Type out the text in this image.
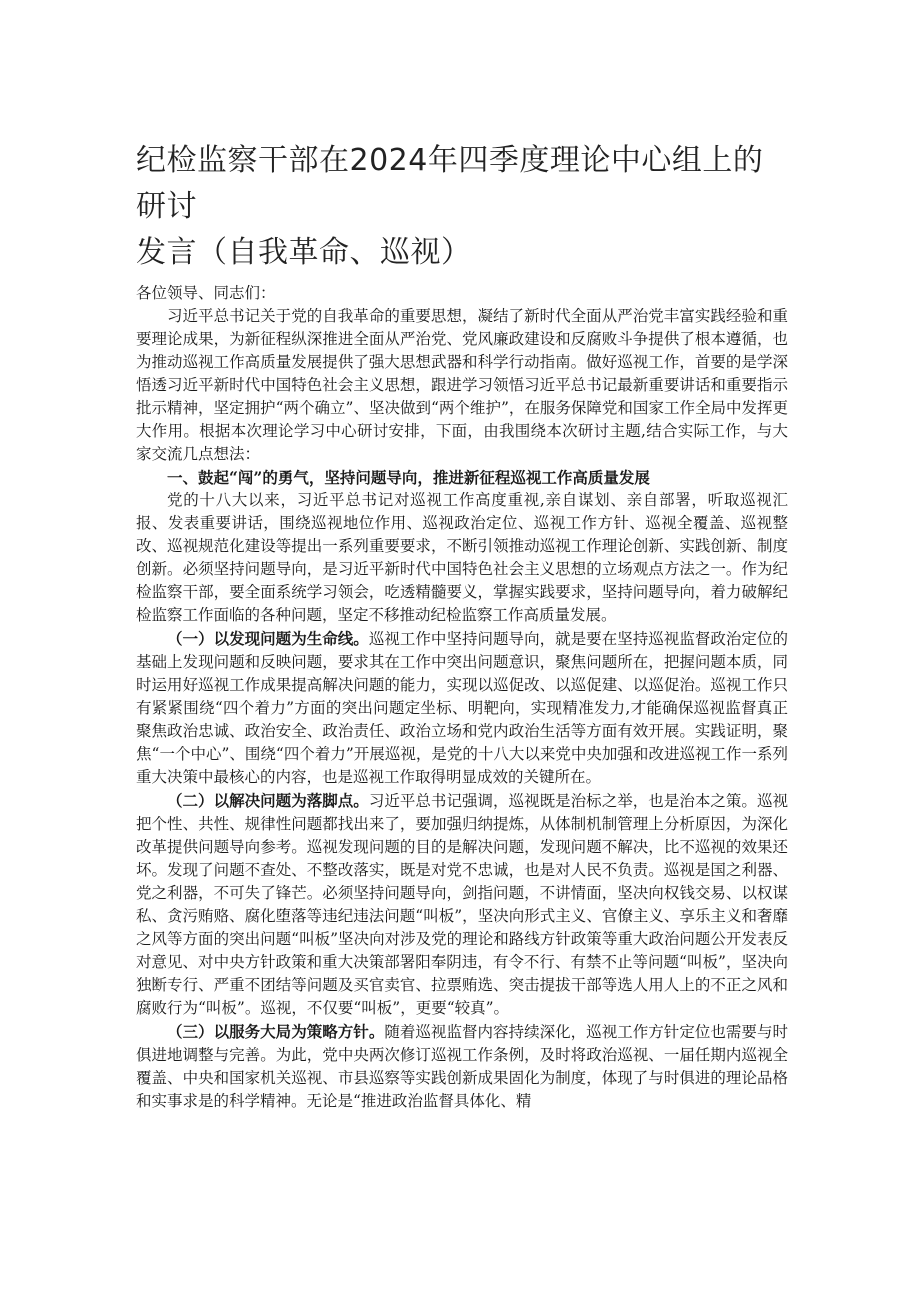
纪检监察干部在2024年四季度理论中心组上的研讨
发言（自我革命、巡视）

各位领导、同志们：

习近平总书记关于党的自我革命的重要思想，凝结了新时代全面从严治党丰富实践经验和重要理论成果，为新征程纵深推进全面从严治党、党风廉政建设和反腐败斗争提供了根本遵循，也为推动巡视工作高质量发展提供了强大思想武器和科学行动指南。做好巡视工作，首要的是学深悟透习近平新时代中国特色社会主义思想，跟进学习领悟习近平总书记最新重要讲话和重要指示批示精神，坚定拥护“两个确立”、坚决做到“两个维护”，在服务保障党和国家工作全局中发挥更大作用。根据本次理论学习中心研讨安排，下面，由我围绕本次研讨主题,结合实际工作，与大家交流几点想法：

一、鼓起“闯”的勇气，坚持问题导向，推进新征程巡视工作高质量发展

党的十八大以来，习近平总书记对巡视工作高度重视,亲自谋划、亲自部署，听取巡视汇报、发表重要讲话，围绕巡视地位作用、巡视政治定位、巡视工作方针、巡视全覆盖、巡视整改、巡视规范化建设等提出一系列重要要求，不断引领推动巡视工作理论创新、实践创新、制度创新。必须坚持问题导向，是习近平新时代中国特色社会主义思想的立场观点方法之一。作为纪检监察干部，要全面系统学习领会，吃透精髓要义，掌握实践要求，坚持问题导向，着力破解纪检监察工作面临的各种问题，坚定不移推动纪检监察工作高质量发展。

（一）以发现问题为生命线。巡视工作中坚持问题导向，就是要在坚持巡视监督政治定位的基础上发现问题和反映问题，要求其在工作中突出问题意识，聚焦问题所在，把握问题本质，同时运用好巡视工作成果提高解决问题的能力，实现以巡促改、以巡促建、以巡促治。巡视工作只有紧紧围绕“四个着力”方面的突出问题定坐标、明靶向，实现精准发力,才能确保巡视监督真正聚焦政治忠诚、政治安全、政治责任、政治立场和党内政治生活等方面有效开展。实践证明，聚焦“一个中心”、围绕“四个着力”开展巡视，是党的十八大以来党中央加强和改进巡视工作一系列重大决策中最核心的内容，也是巡视工作取得明显成效的关键所在。

（二）以解决问题为落脚点。习近平总书记强调，巡视既是治标之举，也是治本之策。巡视把个性、共性、规律性问题都找出来了，要加强归纳提炼，从体制机制管理上分析原因，为深化改革提供问题导向参考。巡视发现问题的目的是解决问题，发现问题不解决，比不巡视的效果还坏。发现了问题不查处、不整改落实，既是对党不忠诚，也是对人民不负责。巡视是国之利器、党之利器，不可失了锋芒。必须坚持问题导向，剑指问题，不讲情面，坚决向权钱交易、以权谋私、贪污贿赂、腐化堕落等违纪违法问题“叫板”，坚决向形式主义、官僚主义、享乐主义和奢靡之风等方面的突出问题“叫板”坚决向对涉及党的理论和路线方针政策等重大政治问题公开发表反对意见、对中央方针政策和重大决策部署阳奉阴违，有令不行、有禁不止等问题“叫板”，坚决向独断专行、严重不团结等问题及买官卖官、拉票贿选、突击提拔干部等选人用人上的不正之风和腐败行为“叫板”。巡视，不仅要“叫板”，更要“较真”。

（三）以服务大局为策略方针。随着巡视监督内容持续深化，巡视工作方针定位也需要与时俱进地调整与完善。为此，党中央两次修订巡视工作条例，及时将政治巡视、一届任期内巡视全覆盖、中央和国家机关巡视、市县巡察等实践创新成果固化为制度，体现了与时俱进的理论品格和实事求是的科学精神。无论是“推进政治监督具体化、精
